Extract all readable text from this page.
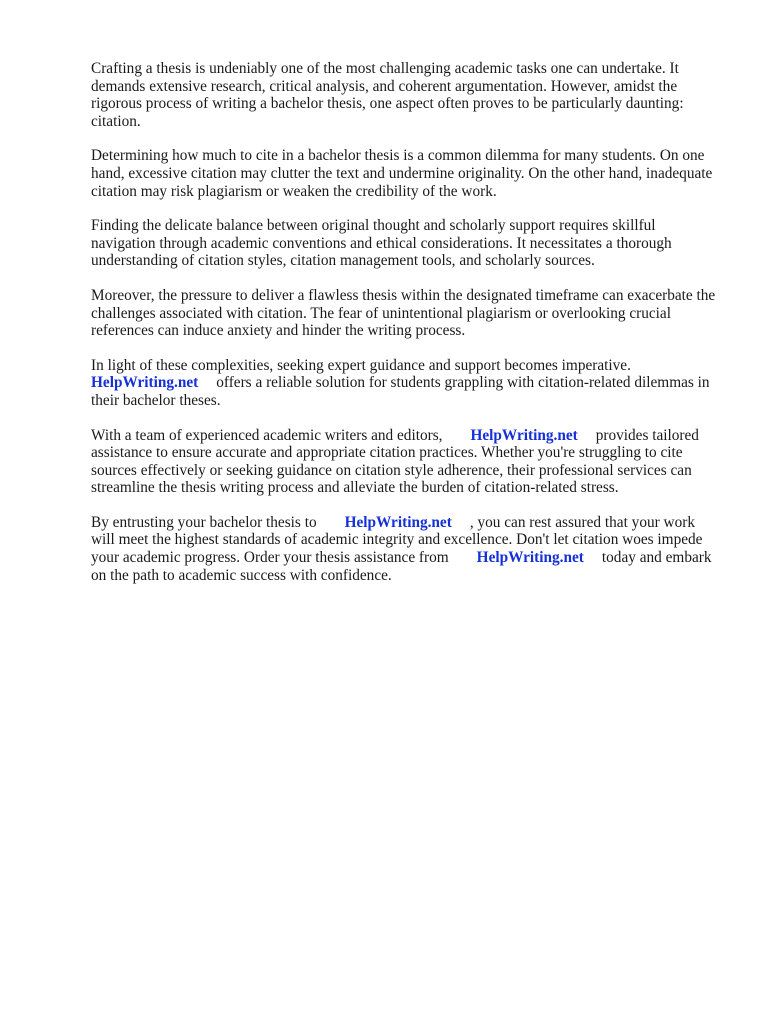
Crafting a thesis is undeniably one of the most challenging academic tasks one can undertake. It demands extensive research, critical analysis, and coherent argumentation. However, amidst the rigorous process of writing a bachelor thesis, one aspect often proves to be particularly daunting: citation.

Determining how much to cite in a bachelor thesis is a common dilemma for many students. On one hand, excessive citation may clutter the text and undermine originality. On the other hand, inadequate citation may risk plagiarism or weaken the credibility of the work.

Finding the delicate balance between original thought and scholarly support requires skillful navigation through academic conventions and ethical considerations. It necessitates a thorough understanding of citation styles, citation management tools, and scholarly sources.

Moreover, the pressure to deliver a flawless thesis within the designated timeframe can exacerbate the challenges associated with citation. The fear of unintentional plagiarism or overlooking crucial references can induce anxiety and hinder the writing process.

In light of these complexities, seeking expert guidance and support becomes imperative.
HelpWriting.net offers a reliable solution for students grappling with citation-related dilemmas in their bachelor theses.

With a team of experienced academic writers and editors, HelpWriting.net provides tailored assistance to ensure accurate and appropriate citation practices. Whether you're struggling to cite sources effectively or seeking guidance on citation style adherence, their professional services can streamline the thesis writing process and alleviate the burden of citation-related stress.

By entrusting your bachelor thesis to HelpWriting.net , you can rest assured that your work will meet the highest standards of academic integrity and excellence. Don't let citation woes impede your academic progress. Order your thesis assistance from HelpWriting.net today and embark on the path to academic success with confidence.
